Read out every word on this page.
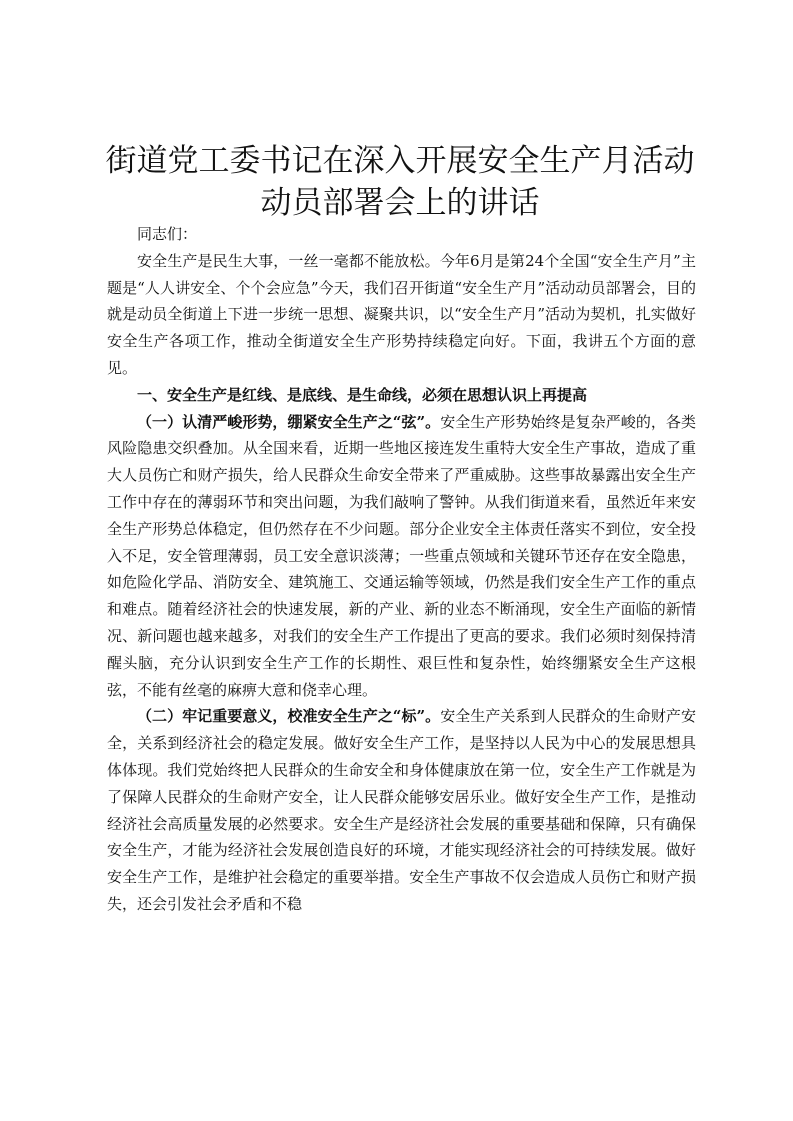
街道党工委书记在深入开展安全生产月活动动员部署会上的讲话

同志们：

安全生产是民生大事，一丝一毫都不能放松。今年6月是第24个全国“安全生产月”主题是“人人讲安全、个个会应急”今天，我们召开街道“安全生产月”活动动员部署会，目的就是动员全街道上下进一步统一思想、凝聚共识，以“安全生产月”活动为契机，扎实做好安全生产各项工作，推动全街道安全生产形势持续稳定向好。下面，我讲五个方面的意见。

一、安全生产是红线、是底线、是生命线，必须在思想认识上再提高

（一）认清严峻形势，绷紧安全生产之“弦”。安全生产形势始终是复杂严峻的，各类风险隐患交织叠加。从全国来看，近期一些地区接连发生重特大安全生产事故，造成了重大人员伤亡和财产损失，给人民群众生命安全带来了严重威胁。这些事故暴露出安全生产工作中存在的薄弱环节和突出问题，为我们敲响了警钟。从我们街道来看，虽然近年来安全生产形势总体稳定，但仍然存在不少问题。部分企业安全主体责任落实不到位，安全投入不足，安全管理薄弱，员工安全意识淡薄；一些重点领域和关键环节还存在安全隐患，如危险化学品、消防安全、建筑施工、交通运输等领域，仍然是我们安全生产工作的重点和难点。随着经济社会的快速发展，新的产业、新的业态不断涌现，安全生产面临的新情况、新问题也越来越多，对我们的安全生产工作提出了更高的要求。我们必须时刻保持清醒头脑，充分认识到安全生产工作的长期性、艰巨性和复杂性，始终绷紧安全生产这根弦，不能有丝毫的麻痹大意和侥幸心理。

（二）牢记重要意义，校准安全生产之“标”。安全生产关系到人民群众的生命财产安全，关系到经济社会的稳定发展。做好安全生产工作，是坚持以人民为中心的发展思想具体体现。我们党始终把人民群众的生命安全和身体健康放在第一位，安全生产工作就是为了保障人民群众的生命财产安全，让人民群众能够安居乐业。做好安全生产工作，是推动经济社会高质量发展的必然要求。安全生产是经济社会发展的重要基础和保障，只有确保安全生产，才能为经济社会发展创造良好的环境，才能实现经济社会的可持续发展。做好安全生产工作，是维护社会稳定的重要举措。安全生产事故不仅会造成人员伤亡和财产损失，还会引发社会矛盾和不稳
